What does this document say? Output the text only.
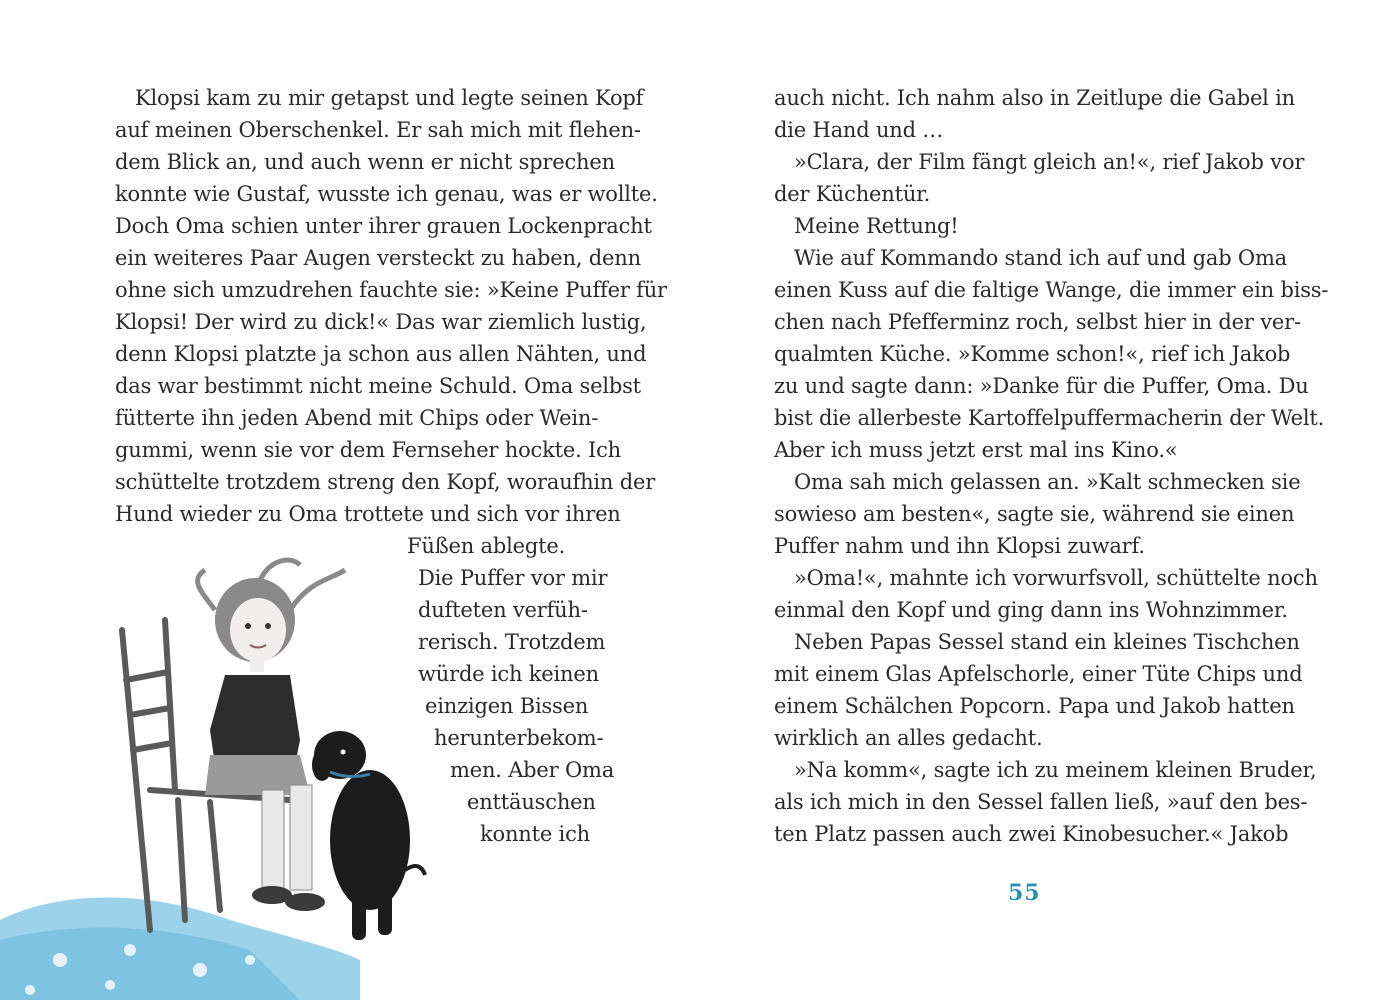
Klopsi kam zu mir getapst und legte seinen Kopf
auf meinen Oberschenkel. Er sah mich mit flehen-
dem Blick an, und auch wenn er nicht sprechen
konnte wie Gustaf, wusste ich genau, was er wollte.
Doch Oma schien unter ihrer grauen Lockenpracht
ein weiteres Paar Augen versteckt zu haben, denn
ohne sich umzudrehen fauchte sie: »Keine Puffer für
Klopsi! Der wird zu dick!« Das war ziemlich lustig,
denn Klopsi platzte ja schon aus allen Nähten, und
das war bestimmt nicht meine Schuld. Oma selbst
fütterte ihn jeden Abend mit Chips oder Wein-
gummi, wenn sie vor dem Fernseher hockte. Ich
schüttelte trotzdem streng den Kopf, woraufhin der
Hund wieder zu Oma trottete und sich vor ihren
Füßen ablegte.
Die Puffer vor mir
dufteten verfüh-
rerisch. Trotzdem
würde ich keinen
einzigen Bissen
herunterbekom-
men. Aber Oma
enttäuschen
konnte ich
auch nicht. Ich nahm also in Zeitlupe die Gabel in
die Hand und …
»Clara, der Film fängt gleich an!«, rief Jakob vor
der Küchentür.
Meine Rettung!
Wie auf Kommando stand ich auf und gab Oma
einen Kuss auf die faltige Wange, die immer ein biss-
chen nach Pfefferminz roch, selbst hier in der ver-
qualmten Küche. »Komme schon!«, rief ich Jakob
zu und sagte dann: »Danke für die Puffer, Oma. Du
bist die allerbeste Kartoffelpuffermacherin der Welt.
Aber ich muss jetzt erst mal ins Kino.«
Oma sah mich gelassen an. »Kalt schmecken sie
sowieso am besten«, sagte sie, während sie einen
Puffer nahm und ihn Klopsi zuwarf.
»Oma!«, mahnte ich vorwurfsvoll, schüttelte noch
einmal den Kopf und ging dann ins Wohnzimmer.
Neben Papas Sessel stand ein kleines Tischchen
mit einem Glas Apfelschorle, einer Tüte Chips und
einem Schälchen Popcorn. Papa und Jakob hatten
wirklich an alles gedacht.
»Na komm«, sagte ich zu meinem kleinen Bruder,
als ich mich in den Sessel fallen ließ, »auf den bes-
ten Platz passen auch zwei Kinobesucher.« Jakob
55
